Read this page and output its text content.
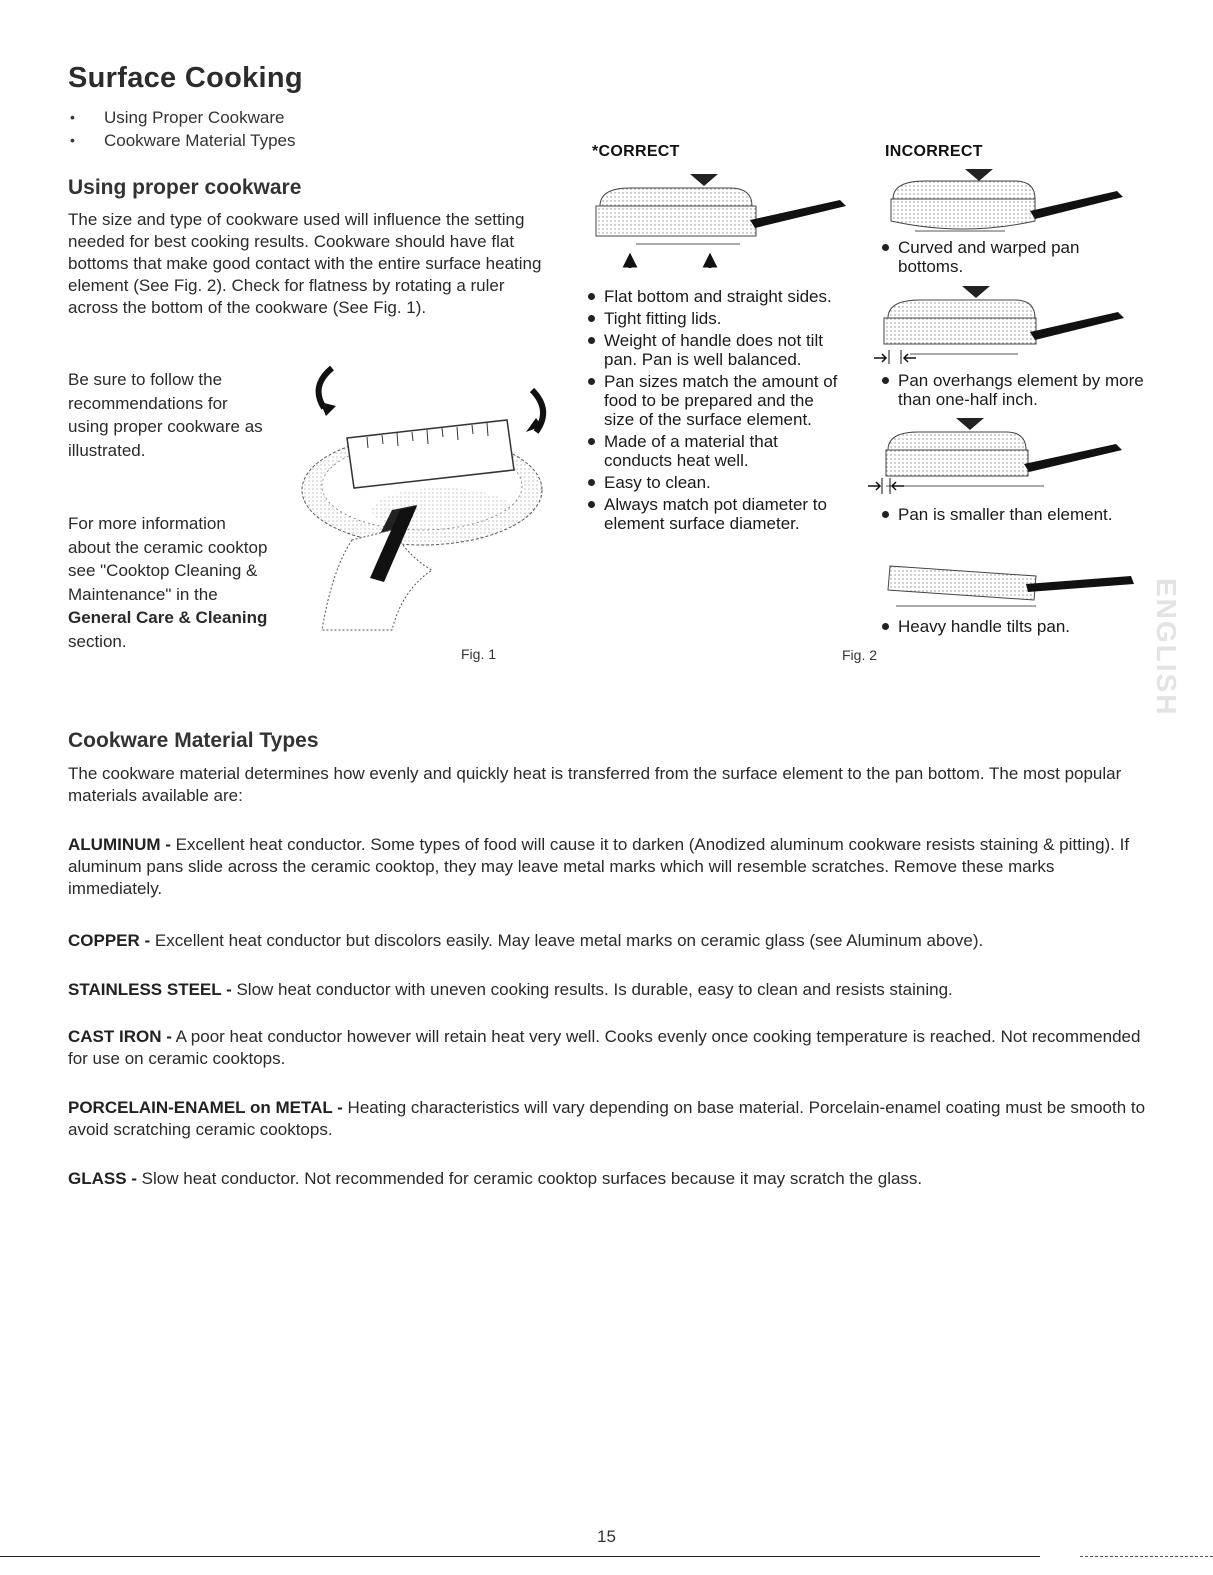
Surface Cooking
• Using Proper Cookware
• Cookware Material Types
Using proper cookware

The size and type of cookware used will influence the setting needed for best cooking results. Cookware should have flat bottoms that make good contact with the entire surface heating element (See Fig. 2). Check for flatness by rotating a ruler across the bottom of the cookware (See Fig. 1).

Be sure to follow the recommendations for using proper cookware as illustrated.

For more information about the ceramic cooktop see "Cooktop Cleaning & Maintenance" in the General Care & Cleaning section.

Fig. 1
*CORRECT
Flat bottom and straight sides.
Tight fitting lids.
Weight of handle does not tilt pan. Pan is well balanced.
Pan sizes match the amount of food to be prepared and the size of the surface element.
Made of a material that conducts heat well.
Easy to clean.
Always match pot diameter to element surface diameter.
Fig. 2
INCORRECT
Curved and warped pan bottoms.
Pan overhangs element by more than one-half inch.
Pan is smaller than element.
Heavy handle tilts pan.	ENGLISH
Cookware Material Types

The cookware material determines how evenly and quickly heat is transferred from the surface element to the pan bottom. The most popular materials available are:

ALUMINUM - Excellent heat conductor. Some types of food will cause it to darken (Anodized aluminum cookware resists staining & pitting). If aluminum pans slide across the ceramic cooktop, they may leave metal marks which will resemble scratches. Remove these marks immediately.

COPPER - Excellent heat conductor but discolors easily. May leave metal marks on ceramic glass (see Aluminum above).

STAINLESS STEEL - Slow heat conductor with uneven cooking results. Is durable, easy to clean and resists staining.

CAST IRON - A poor heat conductor however will retain heat very well. Cooks evenly once cooking temperature is reached. Not recommended for use on ceramic cooktops.

PORCELAIN-ENAMEL on METAL - Heating characteristics will vary depending on base material. Porcelain-enamel coating must be smooth to avoid scratching ceramic cooktops.

GLASS - Slow heat conductor. Not recommended for ceramic cooktop surfaces because it may scratch the glass.

15
